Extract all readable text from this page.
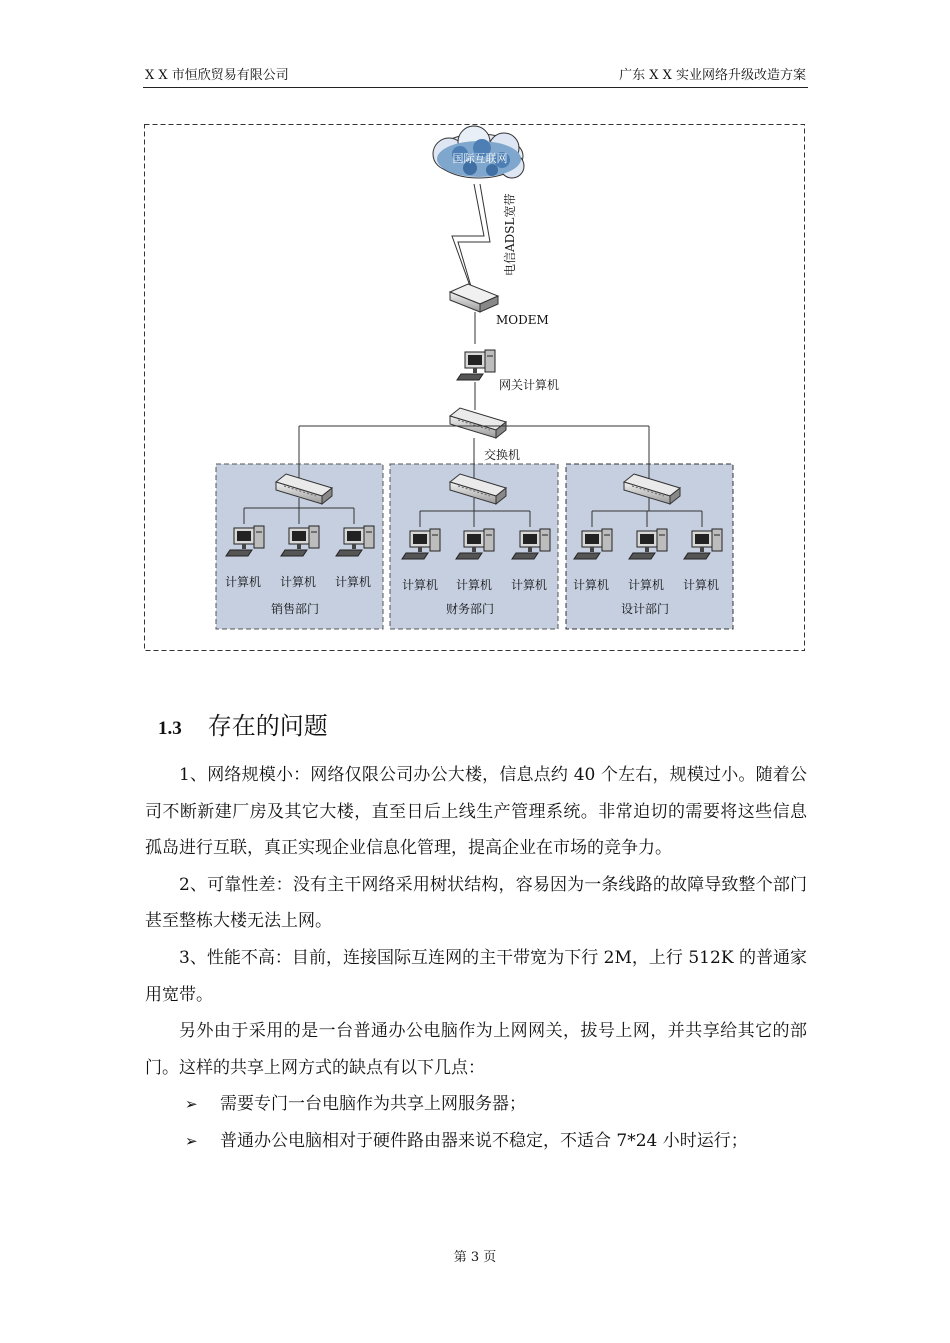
X X 市恒欣贸易有限公司	广东 X X 实业网络升级改造方案
国际互联网
电信ADSL宽带
MODEM
网关计算机
交换机
计算机 计算机 计算机	计算机 计算机 计算机 计算机 计算机 计算机
销售部门	财务部门	设计部门
1.3 存在的问题

1、网络规模小：网络仅限公司办公大楼，信息点约 40 个左右，规模过小。随着公司不断新建厂房及其它大楼，直至日后上线生产管理系统。非常迫切的需要将这些信息孤岛进行互联，真正实现企业信息化管理，提高企业在市场的竞争力。

2、可靠性差：没有主干网络采用树状结构，容易因为一条线路的故障导致整个部门甚至整栋大楼无法上网。

3、性能不高：目前，连接国际互连网的主干带宽为下行 2M，上行 512K 的普通家用宽带。

另外由于采用的是一台普通办公电脑作为上网网关，拔号上网，并共享给其它的部门。这样的共享上网方式的缺点有以下几点：

➢ 需要专门一台电脑作为共享上网服务器；

➢ 普通办公电脑相对于硬件路由器来说不稳定，不适合 7*24 小时运行；

第 3 页
